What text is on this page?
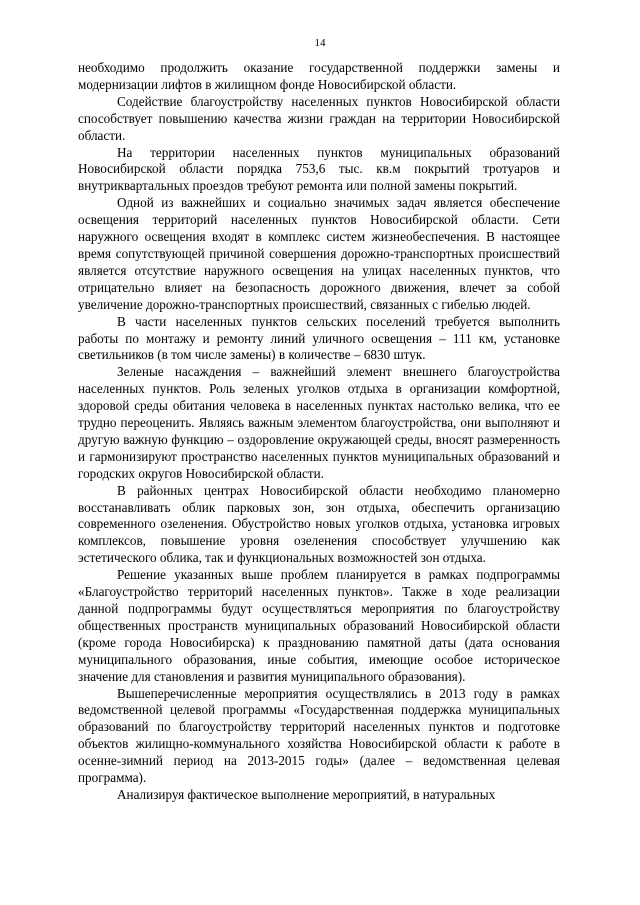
14

необходимо продолжить оказание государственной поддержки замены и модернизации лифтов в жилищном фонде Новосибирской области.

Содействие благоустройству населенных пунктов Новосибирской области способствует повышению качества жизни граждан на территории Новосибирской области.

На территории населенных пунктов муниципальных образований Новосибирской области порядка 753,6 тыс. кв.м покрытий тротуаров и внутриквартальных проездов требуют ремонта или полной замены покрытий.

Одной из важнейших и социально значимых задач является обеспечение освещения территорий населенных пунктов Новосибирской области. Сети наружного освещения входят в комплекс систем жизнеобеспечения. В настоящее время сопутствующей причиной совершения дорожно-транспортных происшествий является отсутствие наружного освещения на улицах населенных пунктов, что отрицательно влияет на безопасность дорожного движения, влечет за собой увеличение дорожно-транспортных происшествий, связанных с гибелью людей.

В части населенных пунктов сельских поселений требуется выполнить работы по монтажу и ремонту линий уличного освещения – 111 км, установке светильников (в том числе замены) в количестве – 6830 штук.

Зеленые насаждения – важнейший элемент внешнего благоустройства населенных пунктов. Роль зеленых уголков отдыха в организации комфортной, здоровой среды обитания человека в населенных пунктах настолько велика, что ее трудно переоценить. Являясь важным элементом благоустройства, они выполняют и другую важную функцию – оздоровление окружающей среды, вносят размеренность и гармонизируют пространство населенных пунктов муниципальных образований и городских округов Новосибирской области.

В районных центрах Новосибирской области необходимо планомерно восстанавливать облик парковых зон, зон отдыха, обеспечить организацию современного озеленения. Обустройство новых уголков отдыха, установка игровых комплексов, повышение уровня озеленения способствует улучшению как эстетического облика, так и функциональных возможностей зон отдыха.

Решение указанных выше проблем планируется в рамках подпрограммы «Благоустройство территорий населенных пунктов». Также в ходе реализации данной подпрограммы будут осуществляться мероприятия по благоустройству общественных пространств муниципальных образований Новосибирской области (кроме города Новосибирска) к празднованию памятной даты (дата основания муниципального образования, иные события, имеющие особое историческое значение для становления и развития муниципального образования).

Вышеперечисленные мероприятия осуществлялись в 2013 году в рамках ведомственной целевой программы «Государственная поддержка муниципальных образований по благоустройству территорий населенных пунктов и подготовке объектов жилищно-коммунального хозяйства Новосибирской области к работе в осенне-зимний период на 2013-2015 годы» (далее – ведомственная целевая программа).

Анализируя фактическое выполнение мероприятий, в натуральных
